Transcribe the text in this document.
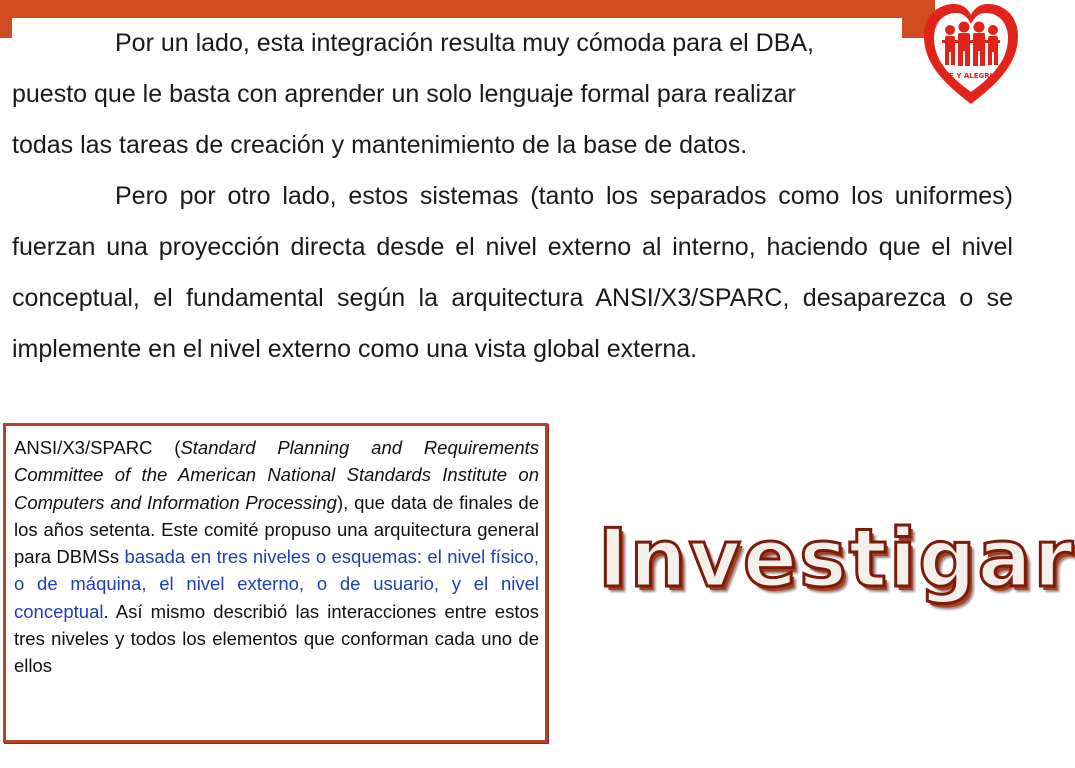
FE Y ALEGRIA

Por un lado, esta integración resulta muy cómoda para el DBA,
puesto que le basta con aprender un solo lenguaje formal para realizar
todas las tareas de creación y mantenimiento de la base de datos.

Pero por otro lado, estos sistemas (tanto los separados como los uniformes) fuerzan una proyección directa desde el nivel externo al interno, haciendo que el nivel conceptual, el fundamental según la arquitectura ANSI/X3/SPARC, desaparezca o se implemente en el nivel externo como una vista global externa.

ANSI/X3/SPARC (Standard Planning and Requirements Committee of the American National Standards Institute on Computers and Information Processing), que data de finales de los años setenta. Este comité propuso una arquitectura general para DBMSs basada en tres niveles o esquemas: el nivel físico, o de máquina, el nivel externo, o de usuario, y el nivel conceptual. Así mismo describió las interacciones entre estos tres niveles y todos los elementos que conforman cada uno de ellos
Investigar
